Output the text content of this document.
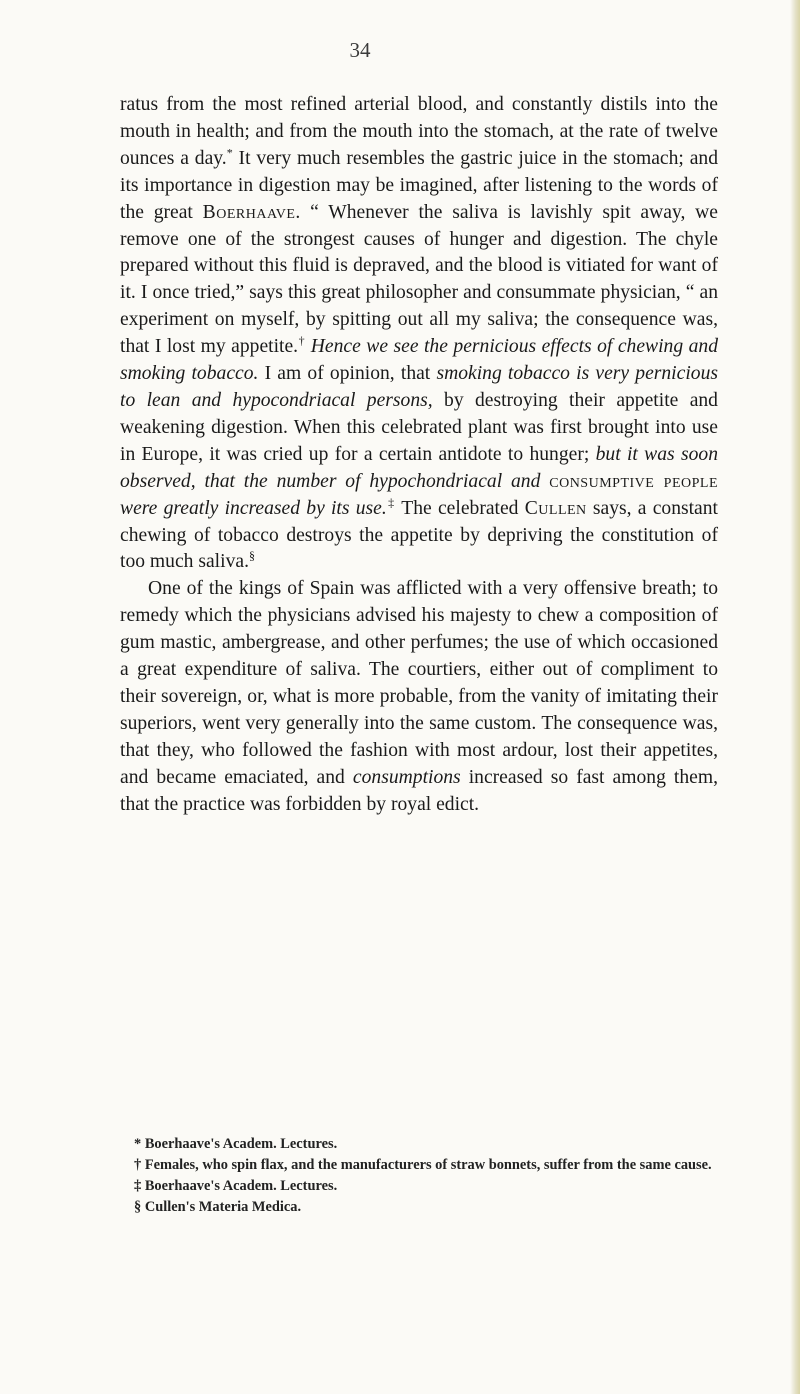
34

ratus from the most refined arterial blood, and constantly distils into the mouth in health; and from the mouth into the stomach, at the rate of twelve ounces a day.* It very much resembles the gastric juice in the stomach; and its importance in digestion may be imagined, after listening to the words of the great Boerhaave. “ Whenever the saliva is lavishly spit away, we remove one of the strongest causes of hunger and digestion. The chyle prepared without this fluid is depraved, and the blood is vitiated for want of it. I once tried,” says this great philosopher and consummate physician, “ an experiment on myself, by spitting out all my saliva; the consequence was, that I lost my appetite.† Hence we see the pernicious effects of chewing and smoking tobacco. I am of opinion, that smoking tobacco is very pernicious to lean and hypocondriacal persons, by destroying their appetite and weakening digestion. When this celebrated plant was first brought into use in Europe, it was cried up for a certain antidote to hunger; but it was soon observed, that the number of hypochondriacal and consumptive people were greatly increased by its use.‡ The celebrated Cullen says, a constant chewing of tobacco destroys the appetite by depriving the constitution of too much saliva.§

One of the kings of Spain was afflicted with a very offensive breath; to remedy which the physicians advised his majesty to chew a composition of gum mastic, ambergrease, and other perfumes; the use of which occasioned a great expenditure of saliva. The courtiers, either out of compliment to their sovereign, or, what is more probable, from the vanity of imitating their superiors, went very generally into the same custom. The consequence was, that they, who followed the fashion with most ardour, lost their appetites, and became emaciated, and consumptions increased so fast among them, that the practice was forbidden by royal edict.

* Boerhaave's Academ. Lectures.

† Females, who spin flax, and the manufacturers of straw bonnets, suffer from the same cause.

‡ Boerhaave's Academ. Lectures.

§ Cullen's Materia Medica.
